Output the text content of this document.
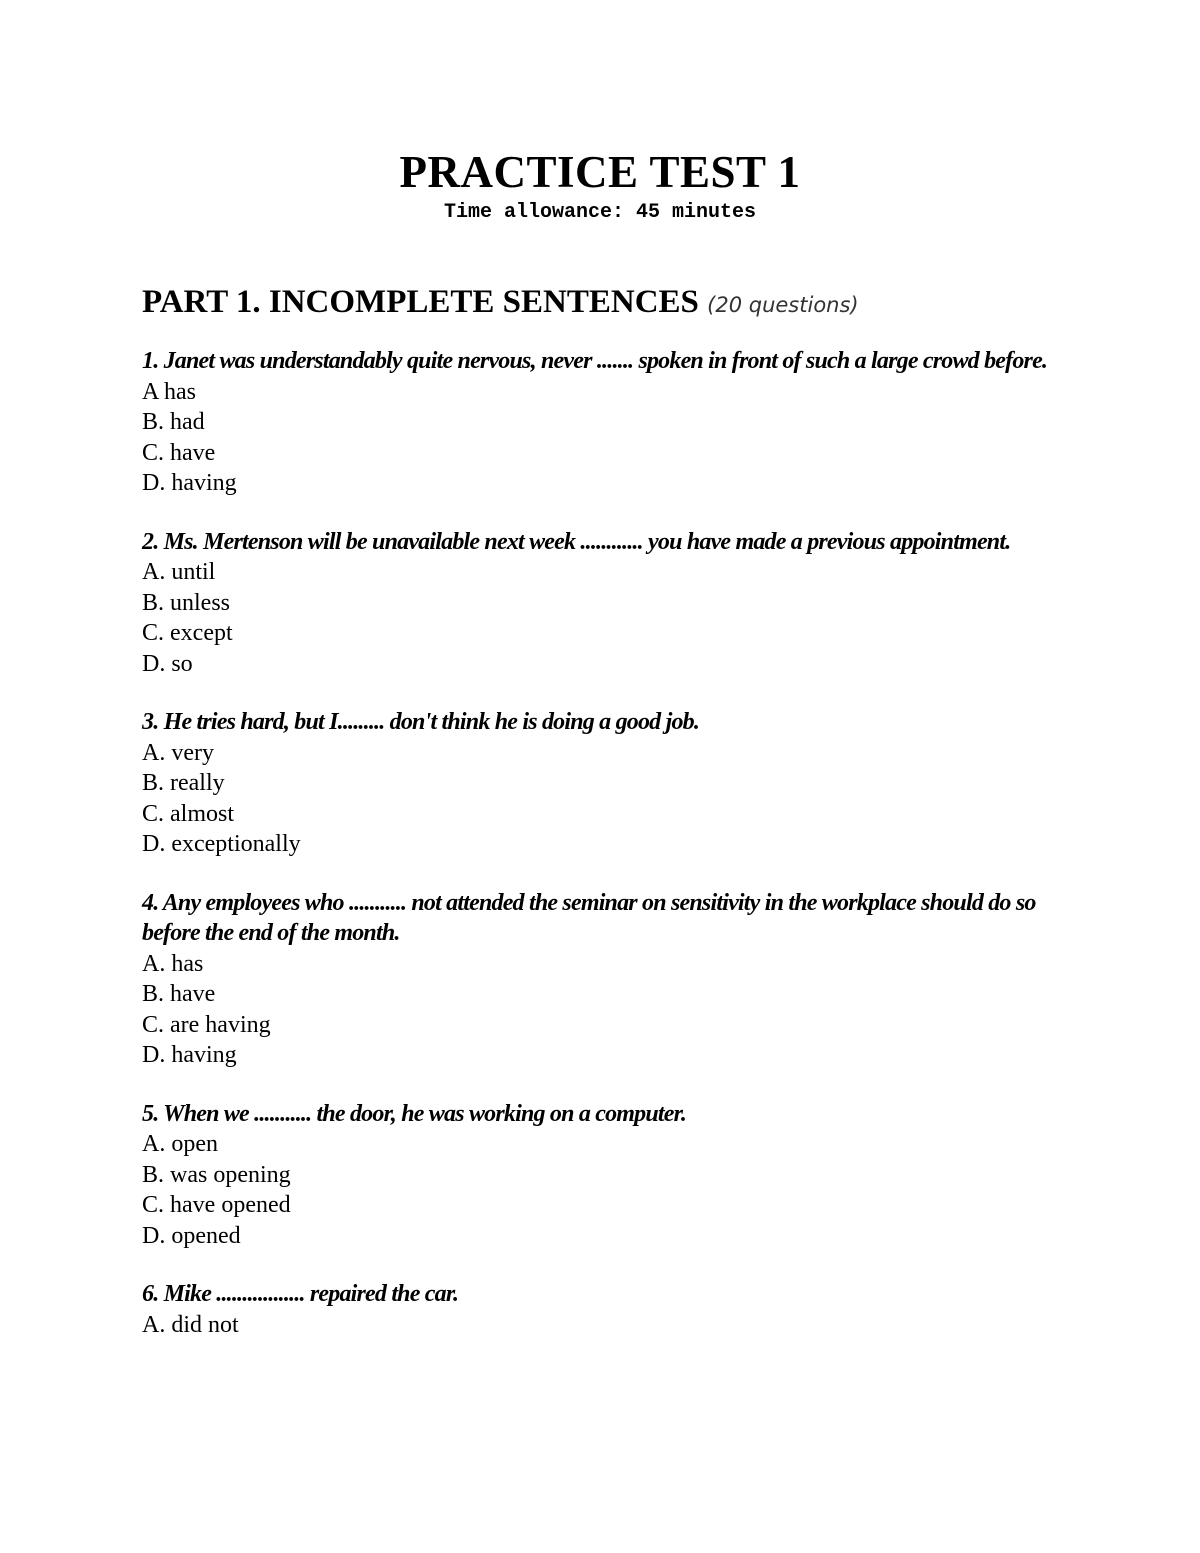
PRACTICE TEST 1
Time allowance: 45 minutes
PART 1. INCOMPLETE SENTENCES (20 questions)
1. Janet was understandably quite nervous, never ....... spoken in front of such a large crowd before.
A has
B. had
C. have
D. having
2. Ms. Mertenson will be unavailable next week ............ you have made a previous appointment.
A. until
B. unless
C. except
D. so
3. He tries hard, but I......... don't think he is doing a good job.
A. very
B. really
C. almost
D. exceptionally
4. Any employees who ........... not attended the seminar on sensitivity in the workplace should do so before the end of the month.
A. has
B. have
C. are having
D. having
5. When we ........... the door, he was working on a computer.
A. open
B. was opening
C. have opened
D. opened
6. Mike ................. repaired the car.
A. did not
